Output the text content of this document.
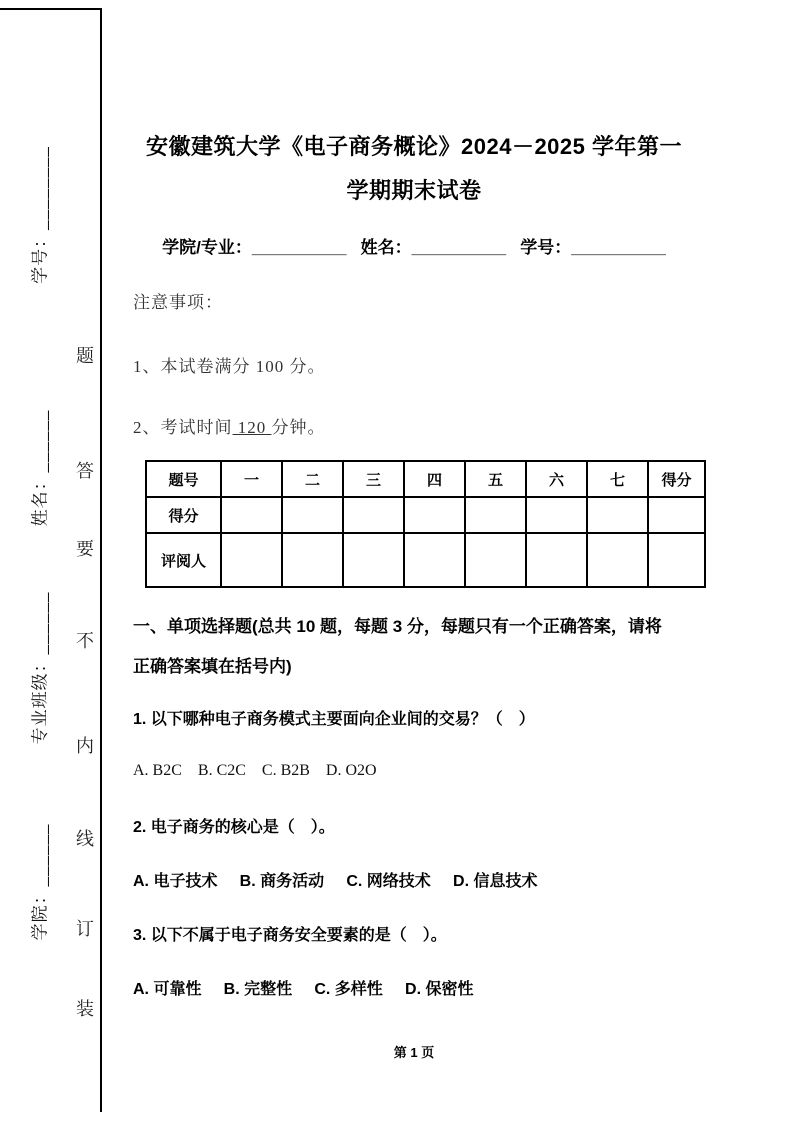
学号：________
姓名：______
专业班级：______
学院：______
题
答
要
不
内
线
订
装
安徽建筑大学《电子商务概论》2024－2025 学年第一
学期期末试卷
学院/专业：__________   姓名：__________   学号：__________
注意事项：
1、本试卷满分 100 分。
2、考试时间 120 分钟。
题号	一	二	三	四	五	六	七	得分
得分								
评阅人								
一、单项选择题(总共 10 题，每题 3 分，每题只有一个正确答案，请将
正确答案填在括号内)
1. 以下哪种电子商务模式主要面向企业间的交易？（　）
A. B2C    B. C2C    C. B2B    D. O2O
2. 电子商务的核心是（　）。
A. 电子技术     B. 商务活动     C. 网络技术     D. 信息技术
3. 以下不属于电子商务安全要素的是（　）。
A. 可靠性     B. 完整性     C. 多样性     D. 保密性
第 1 页
